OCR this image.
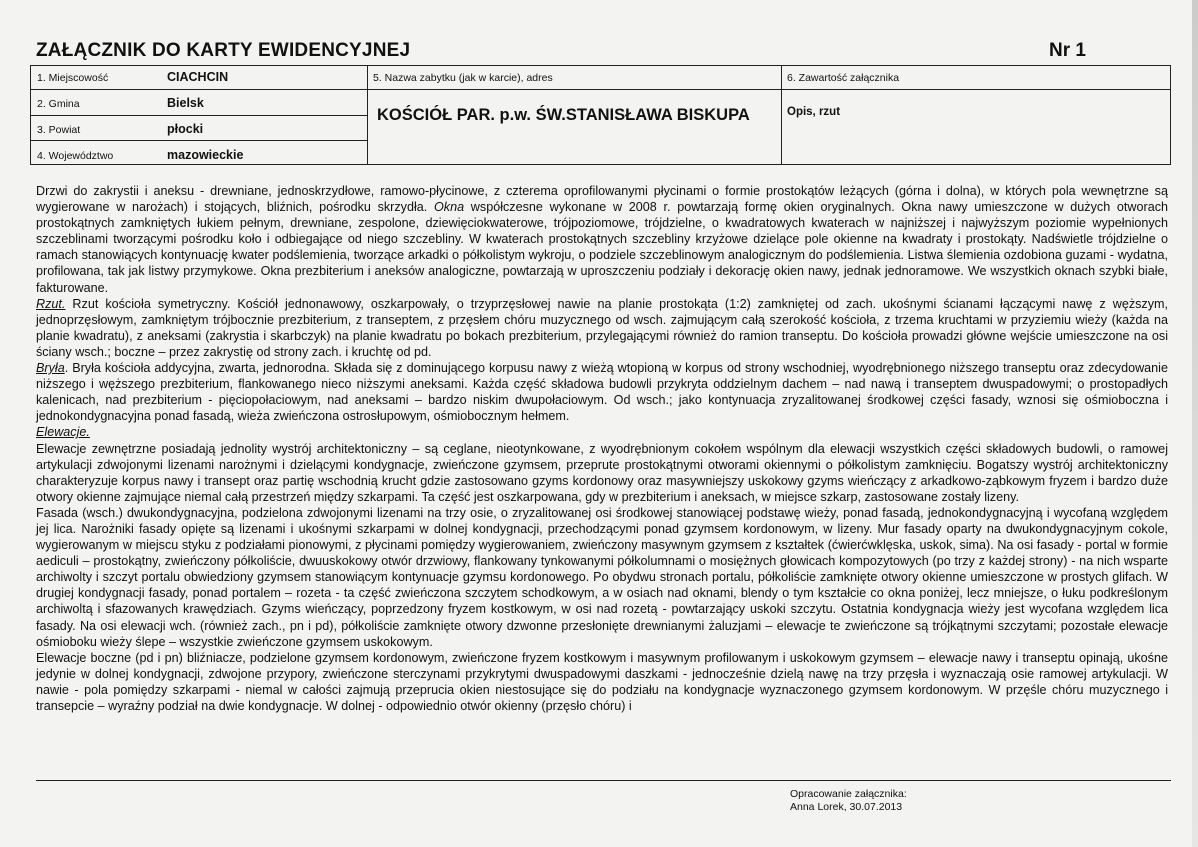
ZAŁĄCZNIK DO KARTY EWIDENCYJNEJ	Nr 1
1. Miejscowość	CIACHCIN
2. Gmina	Bielsk
3. Powiat	płocki
4. Województwo	mazowieckie
5. Nazwa zabytku (jak w karcie), adres
KOŚCIÓŁ PAR. p.w. ŚW.STANISŁAWA BISKUPA
6. Zawartość załącznika
Opis, rzut

Drzwi do zakrystii i aneksu - drewniane, jednoskrzydłowe, ramowo-płycinowe, z czterema oprofilowanymi płycinami o formie prostokątów leżących (górna i dolna), w których pola wewnętrzne są wygierowane w narożach) i stojących, bliźnich, pośrodku skrzydła. Okna współczesne wykonane w 2008 r. powtarzają formę okien oryginalnych. Okna nawy umieszczone w dużych otworach prostokątnych zamkniętych łukiem pełnym, drewniane, zespolone, dziewięciokwaterowe, trójpoziomowe, trójdzielne, o kwadratowych kwaterach w najniższej i najwyższym poziomie wypełnionych szczeblinami tworzącymi pośrodku koło i odbiegające od niego szczebliny. W kwaterach prostokątnych szczebliny krzyżowe dzielące pole okienne na kwadraty i prostokąty. Nadświetle trójdzielne o ramach stanowiących kontynuację kwater podślemienia, tworzące arkadki o półkolistym wykroju, o podziele szczeblinowym analogicznym do podślemienia. Listwa ślemienia ozdobiona guzami - wydatna, profilowana, tak jak listwy przymykowe. Okna prezbiterium i aneksów analogiczne, powtarzają w uproszczeniu podziały i dekorację okien nawy, jednak jednoramowe. We wszystkich oknach szybki białe, fakturowane.

Rzut. Rzut kościoła symetryczny. Kościół jednonawowy, oszkarpowały, o trzyprzęsłowej nawie na planie prostokąta (1:2) zamkniętej od zach. ukośnymi ścianami łączącymi nawę z węższym, jednoprzęsłowym, zamkniętym trójbocznie prezbiterium, z transeptem, z przęsłem chóru muzycznego od wsch. zajmującym całą szerokość kościoła, z trzema kruchtami w przyziemiu wieży (każda na planie kwadratu), z aneksami (zakrystia i skarbczyk) na planie kwadratu po bokach prezbiterium, przylegającymi również do ramion transeptu. Do kościoła prowadzi główne wejście umieszczone na osi ściany wsch.; boczne – przez zakrystię od strony zach. i kruchtę od pd.

Bryła. Bryła kościoła addycyjna, zwarta, jednorodna. Składa się z dominującego korpusu nawy z wieżą wtopioną w korpus od strony wschodniej, wyodrębnionego niższego transeptu oraz zdecydowanie niższego i węższego prezbiterium, flankowanego nieco niższymi aneksami. Każda część składowa budowli przykryta oddzielnym dachem – nad nawą i transeptem dwuspadowymi; o prostopadłych kalenicach, nad prezbiterium - pięciopołaciowym, nad aneksami – bardzo niskim dwupołaciowym. Od wsch.; jako kontynuacja zryzalitowanej środkowej części fasady, wznosi się ośmioboczna i jednokondygnacyjna ponad fasadą, wieża zwieńczona ostrosłupowym, ośmiobocznym hełmem.

Elewacje.

Elewacje zewnętrzne posiadają jednolity wystrój architektoniczny – są ceglane, nieotynkowane, z wyodrębnionym cokołem wspólnym dla elewacji wszystkich części składowych budowli, o ramowej artykulacji zdwojonymi lizenami narożnymi i dzielącymi kondygnacje, zwieńczone gzymsem, przeprute prostokątnymi otworami okiennymi o półkolistym zamknięciu. Bogatszy wystrój architektoniczny charakteryzuje korpus nawy i transept oraz partię wschodnią krucht gdzie zastosowano gzyms kordonowy oraz masywniejszy uskokowy gzyms wieńczący z arkadkowo-ząbkowym fryzem i bardzo duże otwory okienne zajmujące niemal całą przestrzeń między szkarpami. Ta część jest oszkarpowana, gdy w prezbiterium i aneksach, w miejsce szkarp, zastosowane zostały lizeny.

Fasada (wsch.) dwukondygnacyjna, podzielona zdwojonymi lizenami na trzy osie, o zryzalitowanej osi środkowej stanowiącej podstawę wieży, ponad fasadą, jednokondygnacyjną i wycofaną względem jej lica. Narożniki fasady opięte są lizenami i ukośnymi szkarpami w dolnej kondygnacji, przechodzącymi ponad gzymsem kordonowym, w lizeny. Mur fasady oparty na dwukondygnacyjnym cokole, wygierowanym w miejscu styku z podziałami pionowymi, z płycinami pomiędzy wygierowaniem, zwieńczony masywnym gzymsem z kształtek (ćwierćwklęska, uskok, sima). Na osi fasady - portal w formie aediculi – prostokątny, zwieńczony półkoliście, dwuuskokowy otwór drzwiowy, flankowany tynkowanymi półkolumnami o mosiężnych głowicach kompozytowych (po trzy z każdej strony) - na nich wsparte archiwolty i szczyt portalu obwiedziony gzymsem stanowiącym kontynuacje gzymsu kordonowego. Po obydwu stronach portalu, półkoliście zamknięte otwory okienne umieszczone w prostych glifach. W drugiej kondygnacji fasady, ponad portalem – rozeta - ta część zwieńczona szczytem schodkowym, a w osiach nad oknami, blendy o tym kształcie co okna poniżej, lecz mniejsze, o łuku podkreślonym archiwoltą i sfazowanych krawędziach. Gzyms wieńczący, poprzedzony fryzem kostkowym, w osi nad rozetą - powtarzający uskoki szczytu. Ostatnia kondygnacja wieży jest wycofana względem lica fasady. Na osi elewacji wch. (również zach., pn i pd), półkoliście zamknięte otwory dzwonne przesłonięte drewnianymi żaluzjami – elewacje te zwieńczone są trójkątnymi szczytami; pozostałe elewacje ośmioboku wieży ślepe – wszystkie zwieńczone gzymsem uskokowym.

Elewacje boczne (pd i pn) bliźniacze, podzielone gzymsem kordonowym, zwieńczone fryzem kostkowym i masywnym profilowanym i uskokowym gzymsem – elewacje nawy i transeptu opinają, ukośne jedynie w dolnej kondygnacji, zdwojone przypory, zwieńczone sterczynami przykrytymi dwuspadowymi daszkami - jednocześnie dzielą nawę na trzy przęsła i wyznaczają osie ramowej artykulacji. W nawie - pola pomiędzy szkarpami - niemal w całości zajmują przeprucia okien niestosujące się do podziału na kondygnacje wyznaczonego gzymsem kordonowym. W przęśle chóru muzycznego i transepcie – wyraźny podział na dwie kondygnacje. W dolnej - odpowiednio otwór okienny (przęsło chóru) i

Opracowanie załącznika:
Anna Lorek, 30.07.2013
